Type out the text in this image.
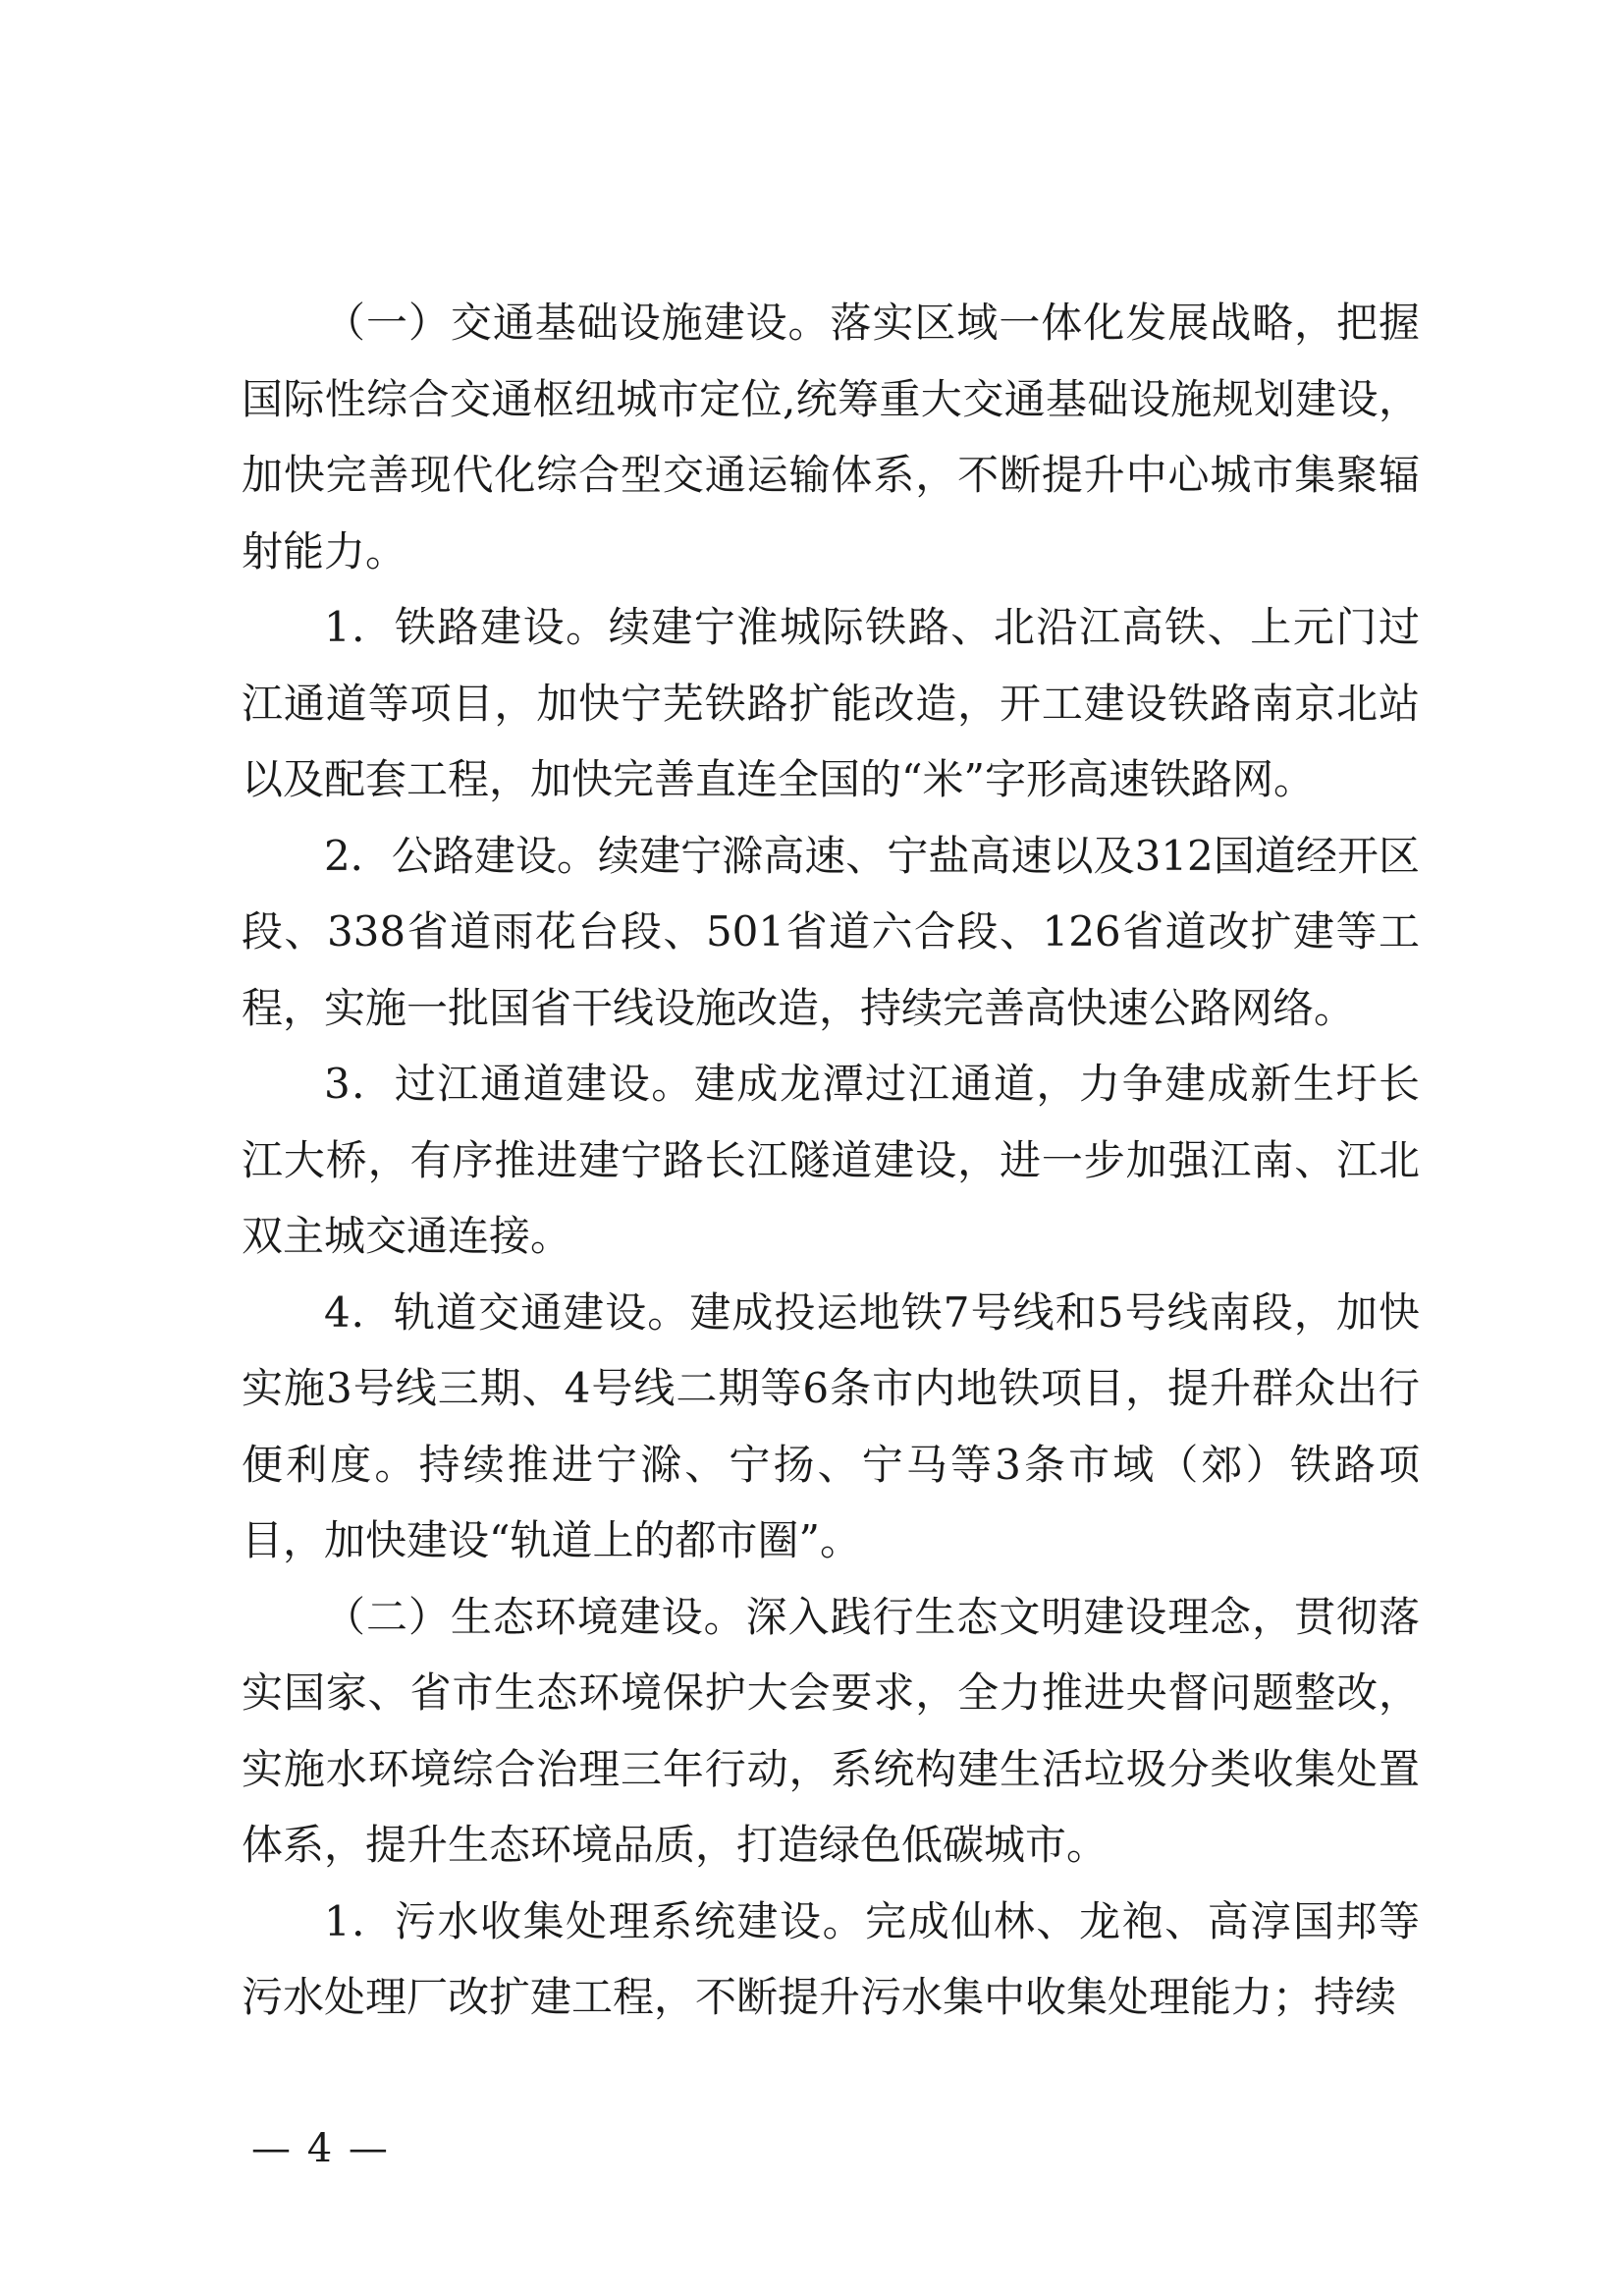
（一）交通基础设施建设。落实区域一体化发展战略，把握国际性综合交通枢纽城市定位,统筹重大交通基础设施规划建设，加快完善现代化综合型交通运输体系，不断提升中心城市集聚辐射能力。

1．铁路建设。续建宁淮城际铁路、北沿江高铁、上元门过江通道等项目，加快宁芜铁路扩能改造，开工建设铁路南京北站以及配套工程，加快完善直连全国的“米”字形高速铁路网。

2．公路建设。续建宁滁高速、宁盐高速以及312国道经开区段、338省道雨花台段、501省道六合段、126省道改扩建等工程，实施一批国省干线设施改造，持续完善高快速公路网络。

3．过江通道建设。建成龙潭过江通道，力争建成新生圩长江大桥，有序推进建宁路长江隧道建设，进一步加强江南、江北双主城交通连接。

4．轨道交通建设。建成投运地铁7号线和5号线南段，加快实施3号线三期、4号线二期等6条市内地铁项目，提升群众出行便利度。持续推进宁滁、宁扬、宁马等3条市域（郊）铁路项目，加快建设“轨道上的都市圈”。

（二）生态环境建设。深入践行生态文明建设理念，贯彻落实国家、省市生态环境保护大会要求，全力推进央督问题整改，实施水环境综合治理三年行动，系统构建生活垃圾分类收集处置体系，提升生态环境品质，打造绿色低碳城市。

1．污水收集处理系统建设。完成仙林、龙袍、高淳国邦等污水处理厂改扩建工程，不断提升污水集中收集处理能力；持续

— 4 —
